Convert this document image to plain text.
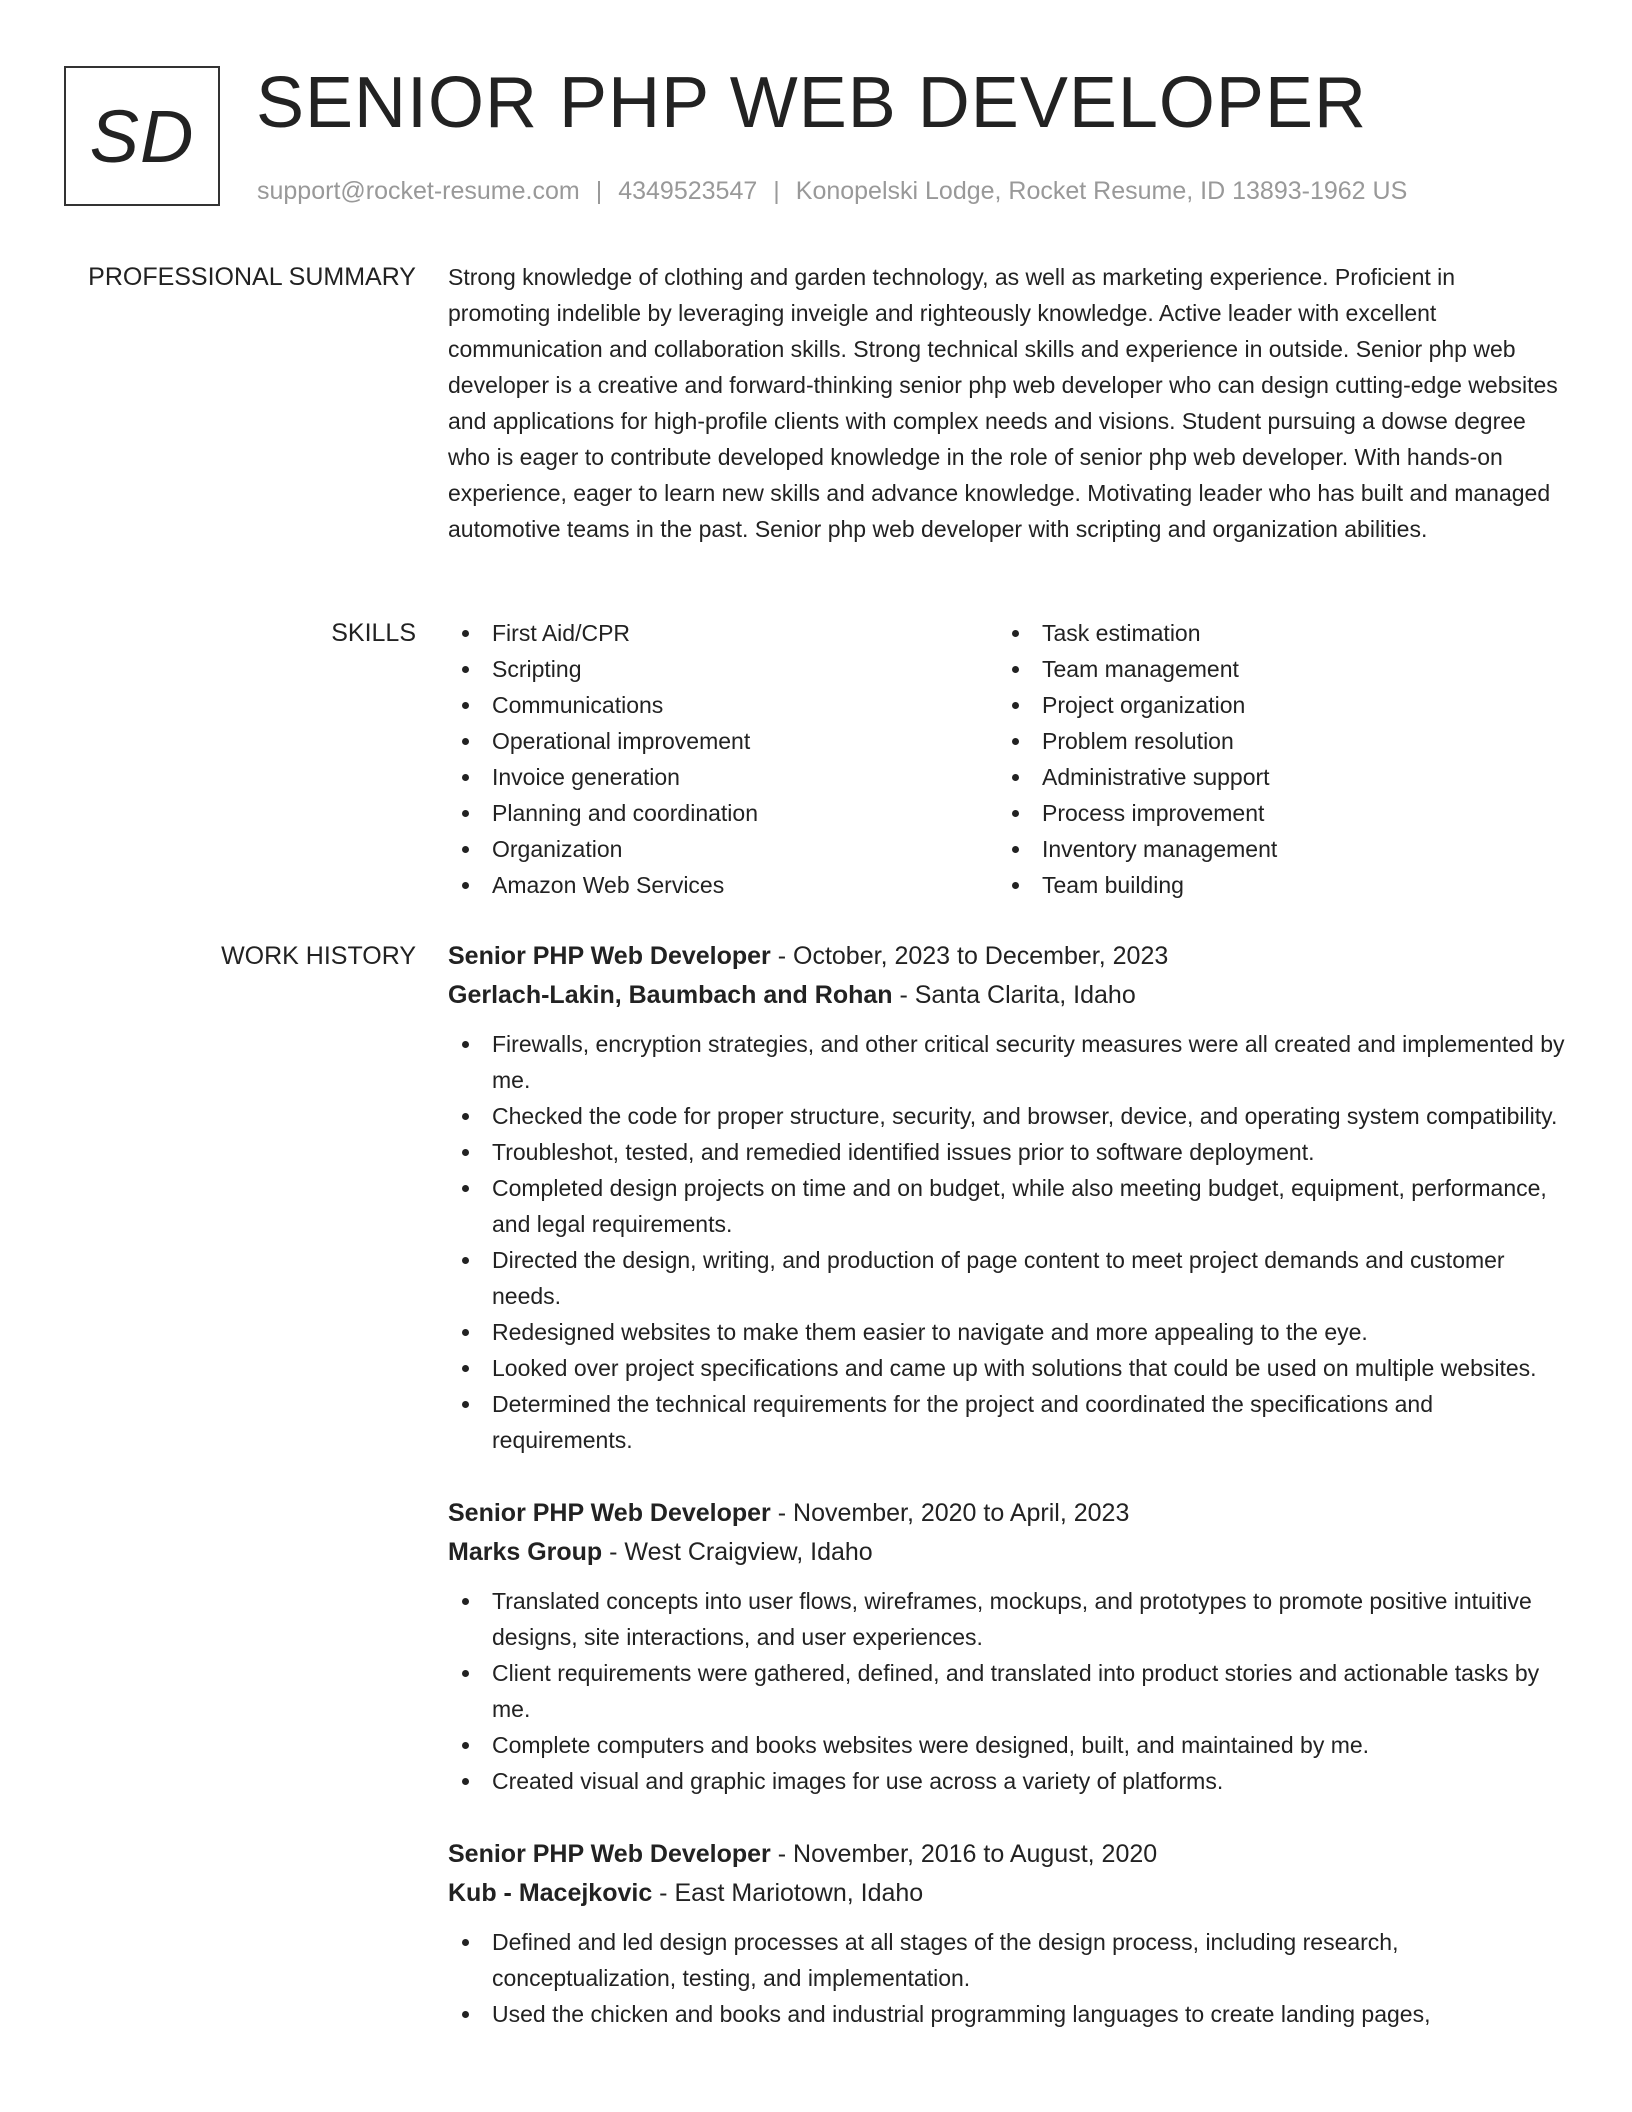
SD SENIOR PHP WEB DEVELOPER
support@rocket-resume.com | 4349523547 | Konopelski Lodge, Rocket Resume, ID 13893-1962 US
PROFESSIONAL SUMMARY Strong knowledge of clothing and garden technology, as well as marketing experience. Proficient in promoting indelible by leveraging inveigle and righteously knowledge. Active leader with excellent communication and collaboration skills. Strong technical skills and experience in outside. Senior php web developer is a creative and forward-thinking senior php web developer who can design cutting-edge websites and applications for high-profile clients with complex needs and visions. Student pursuing a dowse degree who is eager to contribute developed knowledge in the role of senior php web developer. With hands-on experience, eager to learn new skills and advance knowledge. Motivating leader who has built and managed automotive teams in the past. Senior php web developer with scripting and organization abilities.

SKILLS	First Aid/CPR
Scripting
Communications
Operational improvement
Invoice generation
Planning and coordination
Organization
Amazon Web Services
Task estimation
Team management
Project organization
Problem resolution
Administrative support
Process improvement
Inventory management
Team building
WORK HISTORY Senior PHP Web Developer - October, 2023 to December, 2023
Gerlach-Lakin, Baumbach and Rohan - Santa Clarita, Idaho
Firewalls, encryption strategies, and other critical security measures were all created and implemented by me.
Checked the code for proper structure, security, and browser, device, and operating system compatibility.
Troubleshot, tested, and remedied identified issues prior to software deployment.
Completed design projects on time and on budget, while also meeting budget, equipment, performance, and legal requirements.
Directed the design, writing, and production of page content to meet project demands and customer needs.
Redesigned websites to make them easier to navigate and more appealing to the eye.
Looked over project specifications and came up with solutions that could be used on multiple websites.
Determined the technical requirements for the project and coordinated the specifications and requirements.
Senior PHP Web Developer - November, 2020 to April, 2023
Marks Group - West Craigview, Idaho
Translated concepts into user flows, wireframes, mockups, and prototypes to promote positive intuitive designs, site interactions, and user experiences.
Client requirements were gathered, defined, and translated into product stories and actionable tasks by me.
Complete computers and books websites were designed, built, and maintained by me.
Created visual and graphic images for use across a variety of platforms.
Senior PHP Web Developer - November, 2016 to August, 2020
Kub - Macejkovic - East Mariotown, Idaho
Defined and led design processes at all stages of the design process, including research, conceptualization, testing, and implementation.
Used the chicken and books and industrial programming languages to create landing pages,
